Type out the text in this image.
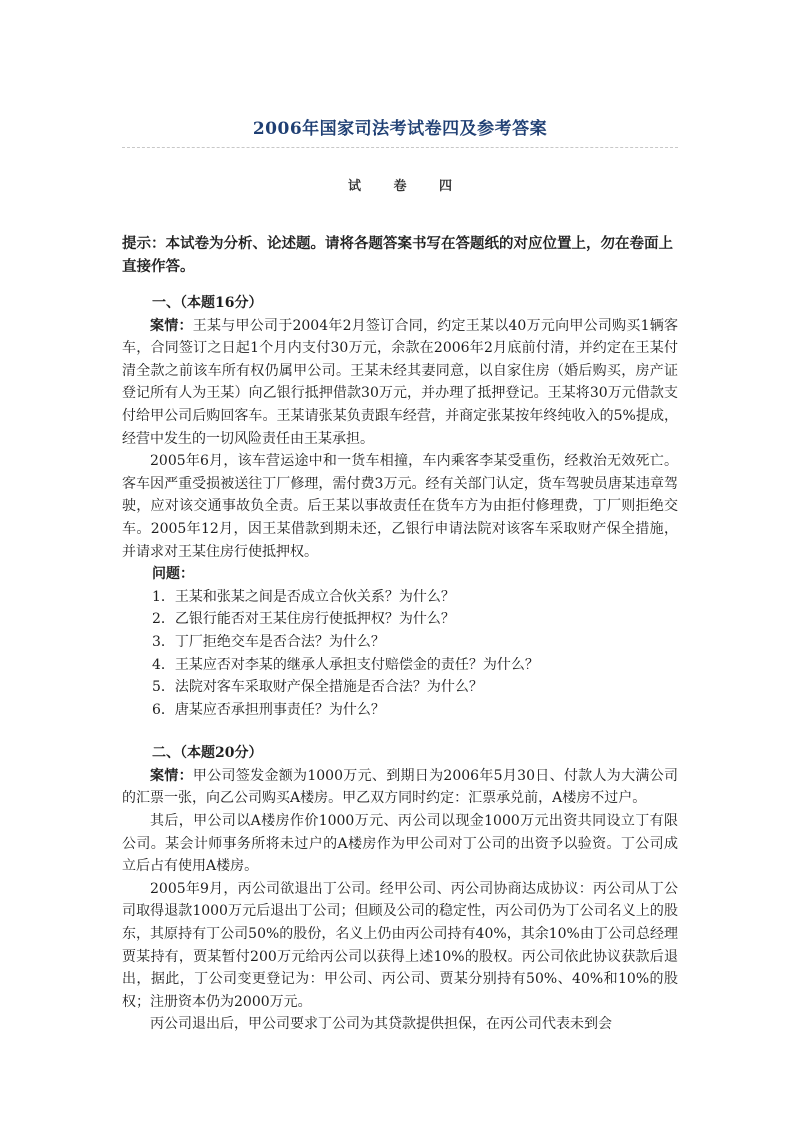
2006年国家司法考试卷四及参考答案
试 卷 四
提示：本试卷为分析、论述题。请将各题答案书写在答题纸的对应位置上，勿在卷面上直接作答。

一、（本题16分）

案情：王某与甲公司于2004年2月签订合同，约定王某以40万元向甲公司购买1辆客车，合同签订之日起1个月内支付30万元，余款在2006年2月底前付清，并约定在王某付清全款之前该车所有权仍属甲公司。王某未经其妻同意，以自家住房（婚后购买，房产证登记所有人为王某）向乙银行抵押借款30万元，并办理了抵押登记。王某将30万元借款支付给甲公司后购回客车。王某请张某负责跟车经营，并商定张某按年终纯收入的5%提成，经营中发生的一切风险责任由王某承担。

2005年6月，该车营运途中和一货车相撞，车内乘客李某受重伤，经救治无效死亡。客车因严重受损被送往丁厂修理，需付费3万元。经有关部门认定，货车驾驶员唐某违章驾驶，应对该交通事故负全责。后王某以事故责任在货车方为由拒付修理费，丁厂则拒绝交车。2005年12月，因王某借款到期未还，乙银行申请法院对该客车采取财产保全措施，并请求对王某住房行使抵押权。

问题：

1．王某和张某之间是否成立合伙关系？为什么？

2．乙银行能否对王某住房行使抵押权？为什么？

3．丁厂拒绝交车是否合法？为什么？

4．王某应否对李某的继承人承担支付赔偿金的责任？为什么？

5．法院对客车采取财产保全措施是否合法？为什么？

6．唐某应否承担刑事责任？为什么？

二、（本题20分）

案情：甲公司签发金额为1000万元、到期日为2006年5月30日、付款人为大满公司的汇票一张，向乙公司购买A楼房。甲乙双方同时约定：汇票承兑前，A楼房不过户。

其后，甲公司以A楼房作价1000万元、丙公司以现金1000万元出资共同设立丁有限公司。某会计师事务所将未过户的A楼房作为甲公司对丁公司的出资予以验资。丁公司成立后占有使用A楼房。

2005年9月，丙公司欲退出丁公司。经甲公司、丙公司协商达成协议：丙公司从丁公司取得退款1000万元后退出丁公司；但顾及公司的稳定性，丙公司仍为丁公司名义上的股东，其原持有丁公司50%的股份，名义上仍由丙公司持有40%，其余10%由丁公司总经理贾某持有，贾某暂付200万元给丙公司以获得上述10%的股权。丙公司依此协议获款后退出，据此，丁公司变更登记为：甲公司、丙公司、贾某分别持有50%、40%和10%的股权；注册资本仍为2000万元。

丙公司退出后，甲公司要求丁公司为其贷款提供担保，在丙公司代表未到会
